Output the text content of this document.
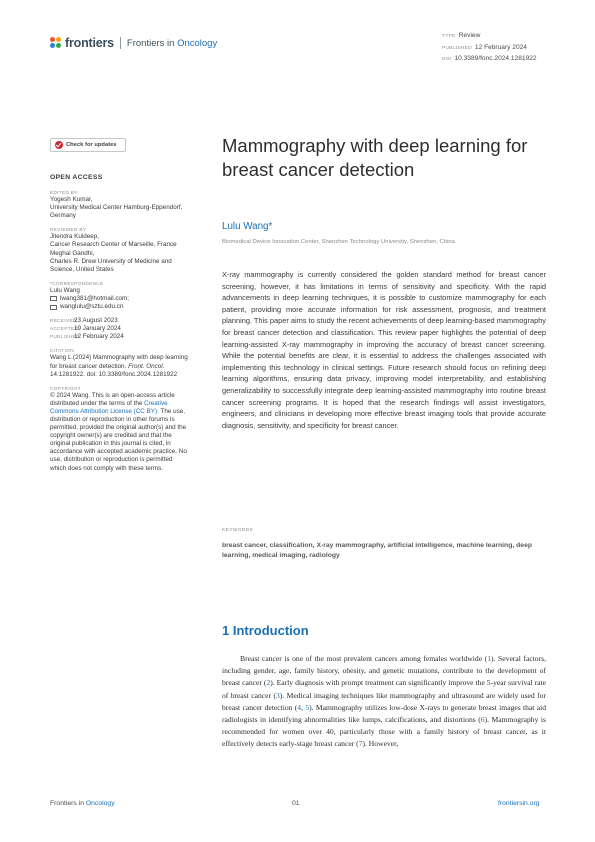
frontiers Frontiers in Oncology
TYPE Review
PUBLISHED 12 February 2024
DOI 10.3389/fonc.2024.1281922
Check for updates
OPEN ACCESS
EDITED BY
Yogesh Kumar,
University Medical Center Hamburg-Eppendorf, Germany
REVIEWED BY
Jitendra Kuldeep,
Cancer Research Center of Marseille, France
Meghal Gandhi,
Charles R. Drew University of Medicine and Science, United States
*CORRESPONDENCE
Lulu Wang
lwang381@hotmail.com;
wanglulu@sztu.edu.cn
RECEIVED23 August 2023
ACCEPTED19 January 2024
PUBLISHED12 February 2024
CITATION
Wang L (2024) Mammography with deep learning for breast cancer detection. Front. Oncol. 14:1281922. doi: 10.3389/fonc.2024.1281922
COPYRIGHT
© 2024 Wang. This is an open-access article distributed under the terms of the Creative Commons Attribution License (CC BY). The use, distribution or reproduction in other forums is permitted, provided the original author(s) and the copyright owner(s) are credited and that the original publication in this journal is cited, in accordance with accepted academic practice. No use, distribution or reproduction is permitted which does not comply with these terms.
Mammography with deep learning for breast cancer detection
Lulu Wang*
Biomedical Device Innovation Center, Shenzhen Technology University, Shenzhen, China

X-ray mammography is currently considered the golden standard method for breast cancer screening, however, it has limitations in terms of sensitivity and specificity. With the rapid advancements in deep learning techniques, it is possible to customize mammography for each patient, providing more accurate information for risk assessment, prognosis, and treatment planning. This paper aims to study the recent achievements of deep learning-based mammography for breast cancer detection and classification. This review paper highlights the potential of deep learning-assisted X-ray mammography in improving the accuracy of breast cancer screening. While the potential benefits are clear, it is essential to address the challenges associated with implementing this technology in clinical settings. Future research should focus on refining deep learning algorithms, ensuring data privacy, improving model interpretability, and establishing generalizability to successfully integrate deep learning-assisted mammography into routine breast cancer screening programs. It is hoped that the research findings will assist investigators, engineers, and clinicians in developing more effective breast imaging tools that provide accurate diagnosis, sensitivity, and specificity for breast cancer.

KEYWORDS
breast cancer, classification, X-ray mammography, artificial intelligence, machine learning, deep learning, medical imaging, radiology
1 Introduction

Breast cancer is one of the most prevalent cancers among females worldwide (1). Several factors, including gender, age, family history, obesity, and genetic mutations, contribute to the development of breast cancer (2). Early diagnosis with prompt treatment can significantly improve the 5-year survival rate of breast cancer (3). Medical imaging techniques like mammography and ultrasound are widely used for breast cancer detection (4, 5). Mammography utilizes low-dose X-rays to generate breast images that aid radiologists in identifying abnormalities like lumps, calcifications, and distortions (6). Mammography is recommended for women over 40, particularly those with a family history of breast cancer, as it effectively detects early-stage breast cancer (7). However,

Frontiers in Oncology	01	frontiersin.org
